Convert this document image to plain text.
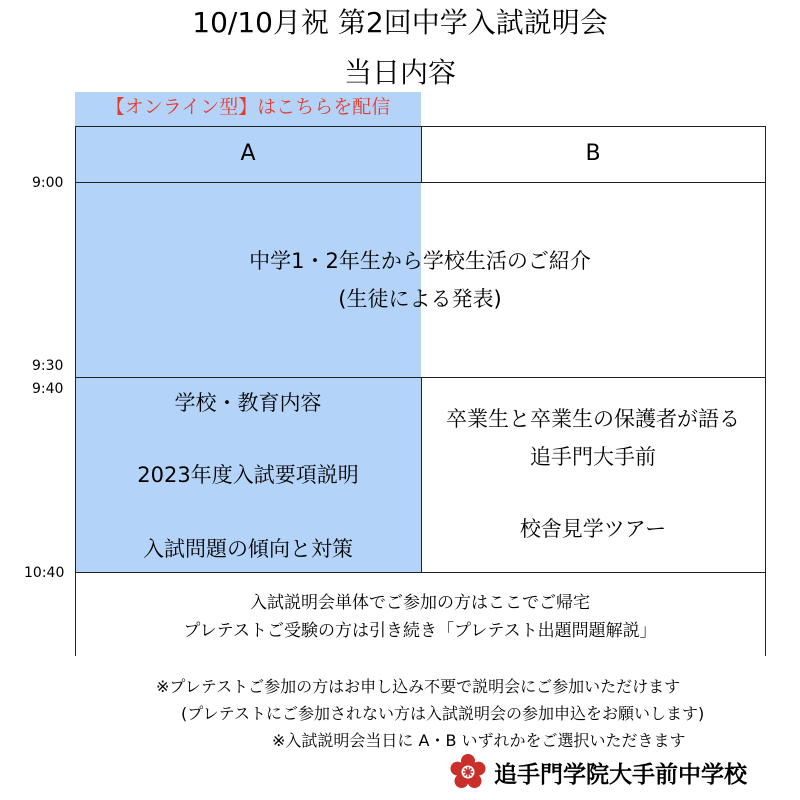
10/10月祝 第2回中学入試説明会
当日内容
【オンライン型】はこちらを配信
9:00
9:30
9:40
10:40
A	B
中学1・2年生から学校生活のご紹介
(生徒による発表)
学校・教育内容
2023年度入試要項説明
入試問題の傾向と対策
卒業生と卒業生の保護者が語る
追手門大手前
校舎見学ツアー
入試説明会単体でご参加の方はここでご帰宅
プレテストご受験の方は引き続き「プレテスト出題問題解説」
※プレテストご参加の方はお申し込み不要で説明会にご参加いただけます
(プレテストにご参加されない方は入試説明会の参加申込をお願いします)
※入試説明会当日に A・B いずれかをご選択いただきます
追手門学院大手前中学校
